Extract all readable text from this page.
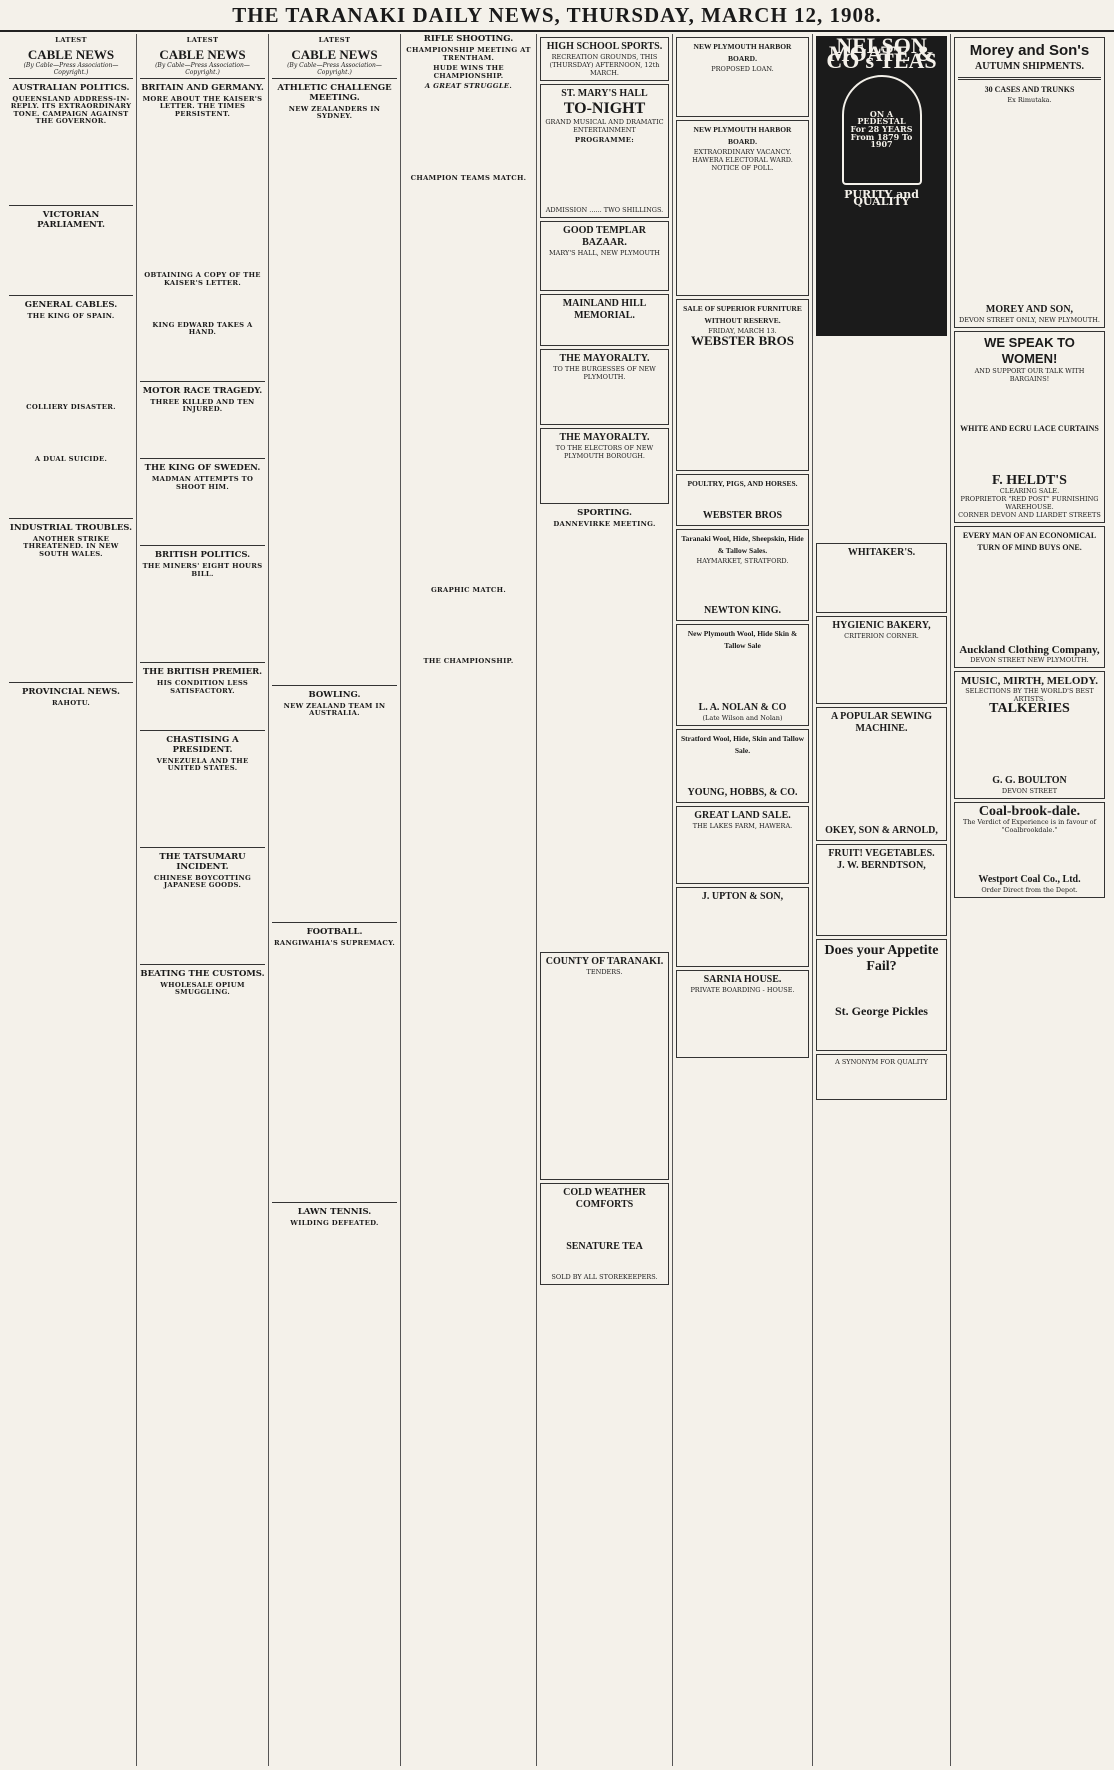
THE TARANAKI DAILY NEWS, THURSDAY, MARCH 12, 1908.
LATEST
CABLE NEWS
(By Cable—Press Association—Copyright.)
AUSTRALIAN POLITICS.
QUEENSLAND ADDRESS-IN-REPLY. ITS EXTRAORDINARY TONE. CAMPAIGN AGAINST THE GOVERNOR.

VICTORIAN PARLIAMENT.
GENERAL CABLES.
THE KING OF SPAIN.
COLLIERY DISASTER.
A DUAL SUICIDE.
INDUSTRIAL TROUBLES.
ANOTHER STRIKE THREATENED. IN NEW SOUTH WALES.
PROVINCIAL NEWS.
RAHOTU.
LATEST
CABLE NEWS
(By Cable—Press Association—Copyright.)
BRITAIN AND GERMANY.
MORE ABOUT THE KAISER'S LETTER. THE TIMES PERSISTENT.
OBTAINING A COPY OF THE KAISER'S LETTER.
KING EDWARD TAKES A HAND.
MOTOR RACE TRAGEDY.
THREE KILLED AND TEN INJURED.
THE KING OF SWEDEN.
MADMAN ATTEMPTS TO SHOOT HIM.
BRITISH POLITICS.
THE MINERS' EIGHT HOURS BILL.
THE BRITISH PREMIER.
HIS CONDITION LESS SATISFACTORY.
CHASTISING A PRESIDENT.
VENEZUELA AND THE UNITED STATES.
THE TATSUMARU INCIDENT.
CHINESE BOYCOTTING JAPANESE GOODS.
BEATING THE CUSTOMS.
WHOLESALE OPIUM SMUGGLING.
LATEST
CABLE NEWS
(By Cable—Press Association—Copyright.)
ATHLETIC CHALLENGE MEETING.
NEW ZEALANDERS IN SYDNEY.
BOWLING.
NEW ZEALAND TEAM IN AUSTRALIA.
FOOTBALL.
RANGIWAHIA'S SUPREMACY.
LAWN TENNIS.
WILDING DEFEATED.
RIFLE SHOOTING.
CHAMPIONSHIP MEETING AT TRENTHAM.
HUDE WINS THE CHAMPIONSHIP.
A GREAT STRUGGLE.
CHAMPION TEAMS MATCH.
GRAPHIC MATCH.
THE CHAMPIONSHIP.
HIGH SCHOOL SPORTS.
RECREATION GROUNDS, THIS (THURSDAY) AFTERNOON, 12th MARCH.
ST. MARY'S HALL
TO-NIGHT
GRAND MUSICAL AND DRAMATIC ENTERTAINMENT
PROGRAMME:
ADMISSION ...... TWO SHILLINGS.
GOOD TEMPLAR BAZAAR.
MARY'S HALL, NEW PLYMOUTH
MAINLAND HILL MEMORIAL.
THE MAYORALTY.
TO THE BURGESSES OF NEW PLYMOUTH.
THE MAYORALTY.
TO THE ELECTORS OF NEW PLYMOUTH BOROUGH.
SPORTING.
DANNEVIRKE MEETING.
COUNTY OF TARANAKI.
TENDERS.
COLD WEATHER COMFORTS
SENATURE TEA
SOLD BY ALL STOREKEEPERS.
NEW PLYMOUTH HARBOR BOARD.
PROPOSED LOAN.
NEW PLYMOUTH HARBOR BOARD.
EXTRAORDINARY VACANCY. HAWERA ELECTORAL WARD. NOTICE OF POLL.
SALE OF SUPERIOR FURNITURE WITHOUT RESERVE.
FRIDAY, MARCH 13.
WEBSTER BROS
POULTRY, PIGS, AND HORSES.
WEBSTER BROS
Taranaki Wool, Hide, Sheepskin, Hide & Tallow Sales.
HAYMARKET, STRATFORD.
NEWTON KING.
New Plymouth Wool, Hide Skin & Tallow Sale
L. A. NOLAN & CO
(Late Wilson and Nolan)
Stratford Wool, Hide, Skin and Tallow Sale.
YOUNG, HOBBS, & CO.
GREAT LAND SALE.
THE LAKES FARM, HAWERA.
J. UPTON & SON,
SARNIA HOUSE.
PRIVATE BOARDING - HOUSE.
NELSON MOATE & CO's TEAS
ON A PEDESTAL For 28 YEARS From 1879 To 1907
PURITY and QUALITY
WHITAKER'S.
HYGIENIC BAKERY,
CRITERION CORNER.
A POPULAR SEWING MACHINE.
OKEY, SON & ARNOLD,
FRUIT! VEGETABLES.
J. W. BERNDTSON,
Does your Appetite Fail?
St. George Pickles
A SYNONYM FOR QUALITY
Morey and Son's
AUTUMN SHIPMENTS.
30 CASES AND TRUNKS
Ex Rimutaka.
MOREY AND SON,
DEVON STREET ONLY, NEW PLYMOUTH.
WE SPEAK TO WOMEN!
AND SUPPORT OUR TALK WITH BARGAINS!
WHITE AND ECRU LACE CURTAINS
F. HELDT'S
CLEARING SALE.
PROPRIETOR "RED POST" FURNISHING WAREHOUSE.
CORNER DEVON AND LIARDET STREETS
EVERY MAN OF AN ECONOMICAL TURN OF MIND BUYS ONE.
Auckland Clothing Company,
DEVON STREET NEW PLYMOUTH.
MUSIC, MIRTH, MELODY.
SELECTIONS BY THE WORLD'S BEST ARTISTS.
TALKERIES
G. G. BOULTON
DEVON STREET
Coal-brook-dale.
The Verdict of Experience is in favour of "Coalbrookdale."
Westport Coal Co., Ltd.
Order Direct from the Depot.
